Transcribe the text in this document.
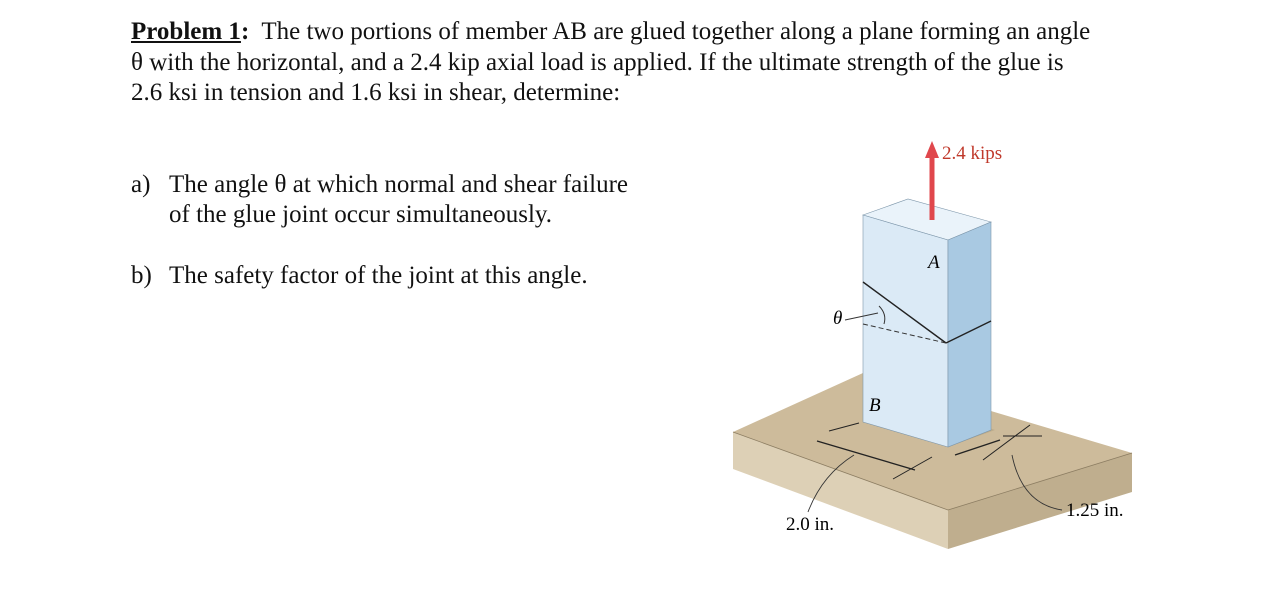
Problem 1: The two portions of member AB are glued together along a plane forming an angle
θ with the horizontal, and a 2.4 kip axial load is applied. If the ultimate strength of the glue is
2.6 ksi in tension and 1.6 ksi in shear, determine:
a) The angle θ at which normal and shear failure
of the glue joint occur simultaneously.
b) The safety factor of the joint at this angle.
2.4 kips
A
B
θ
2.0 in.
1.25 in.
